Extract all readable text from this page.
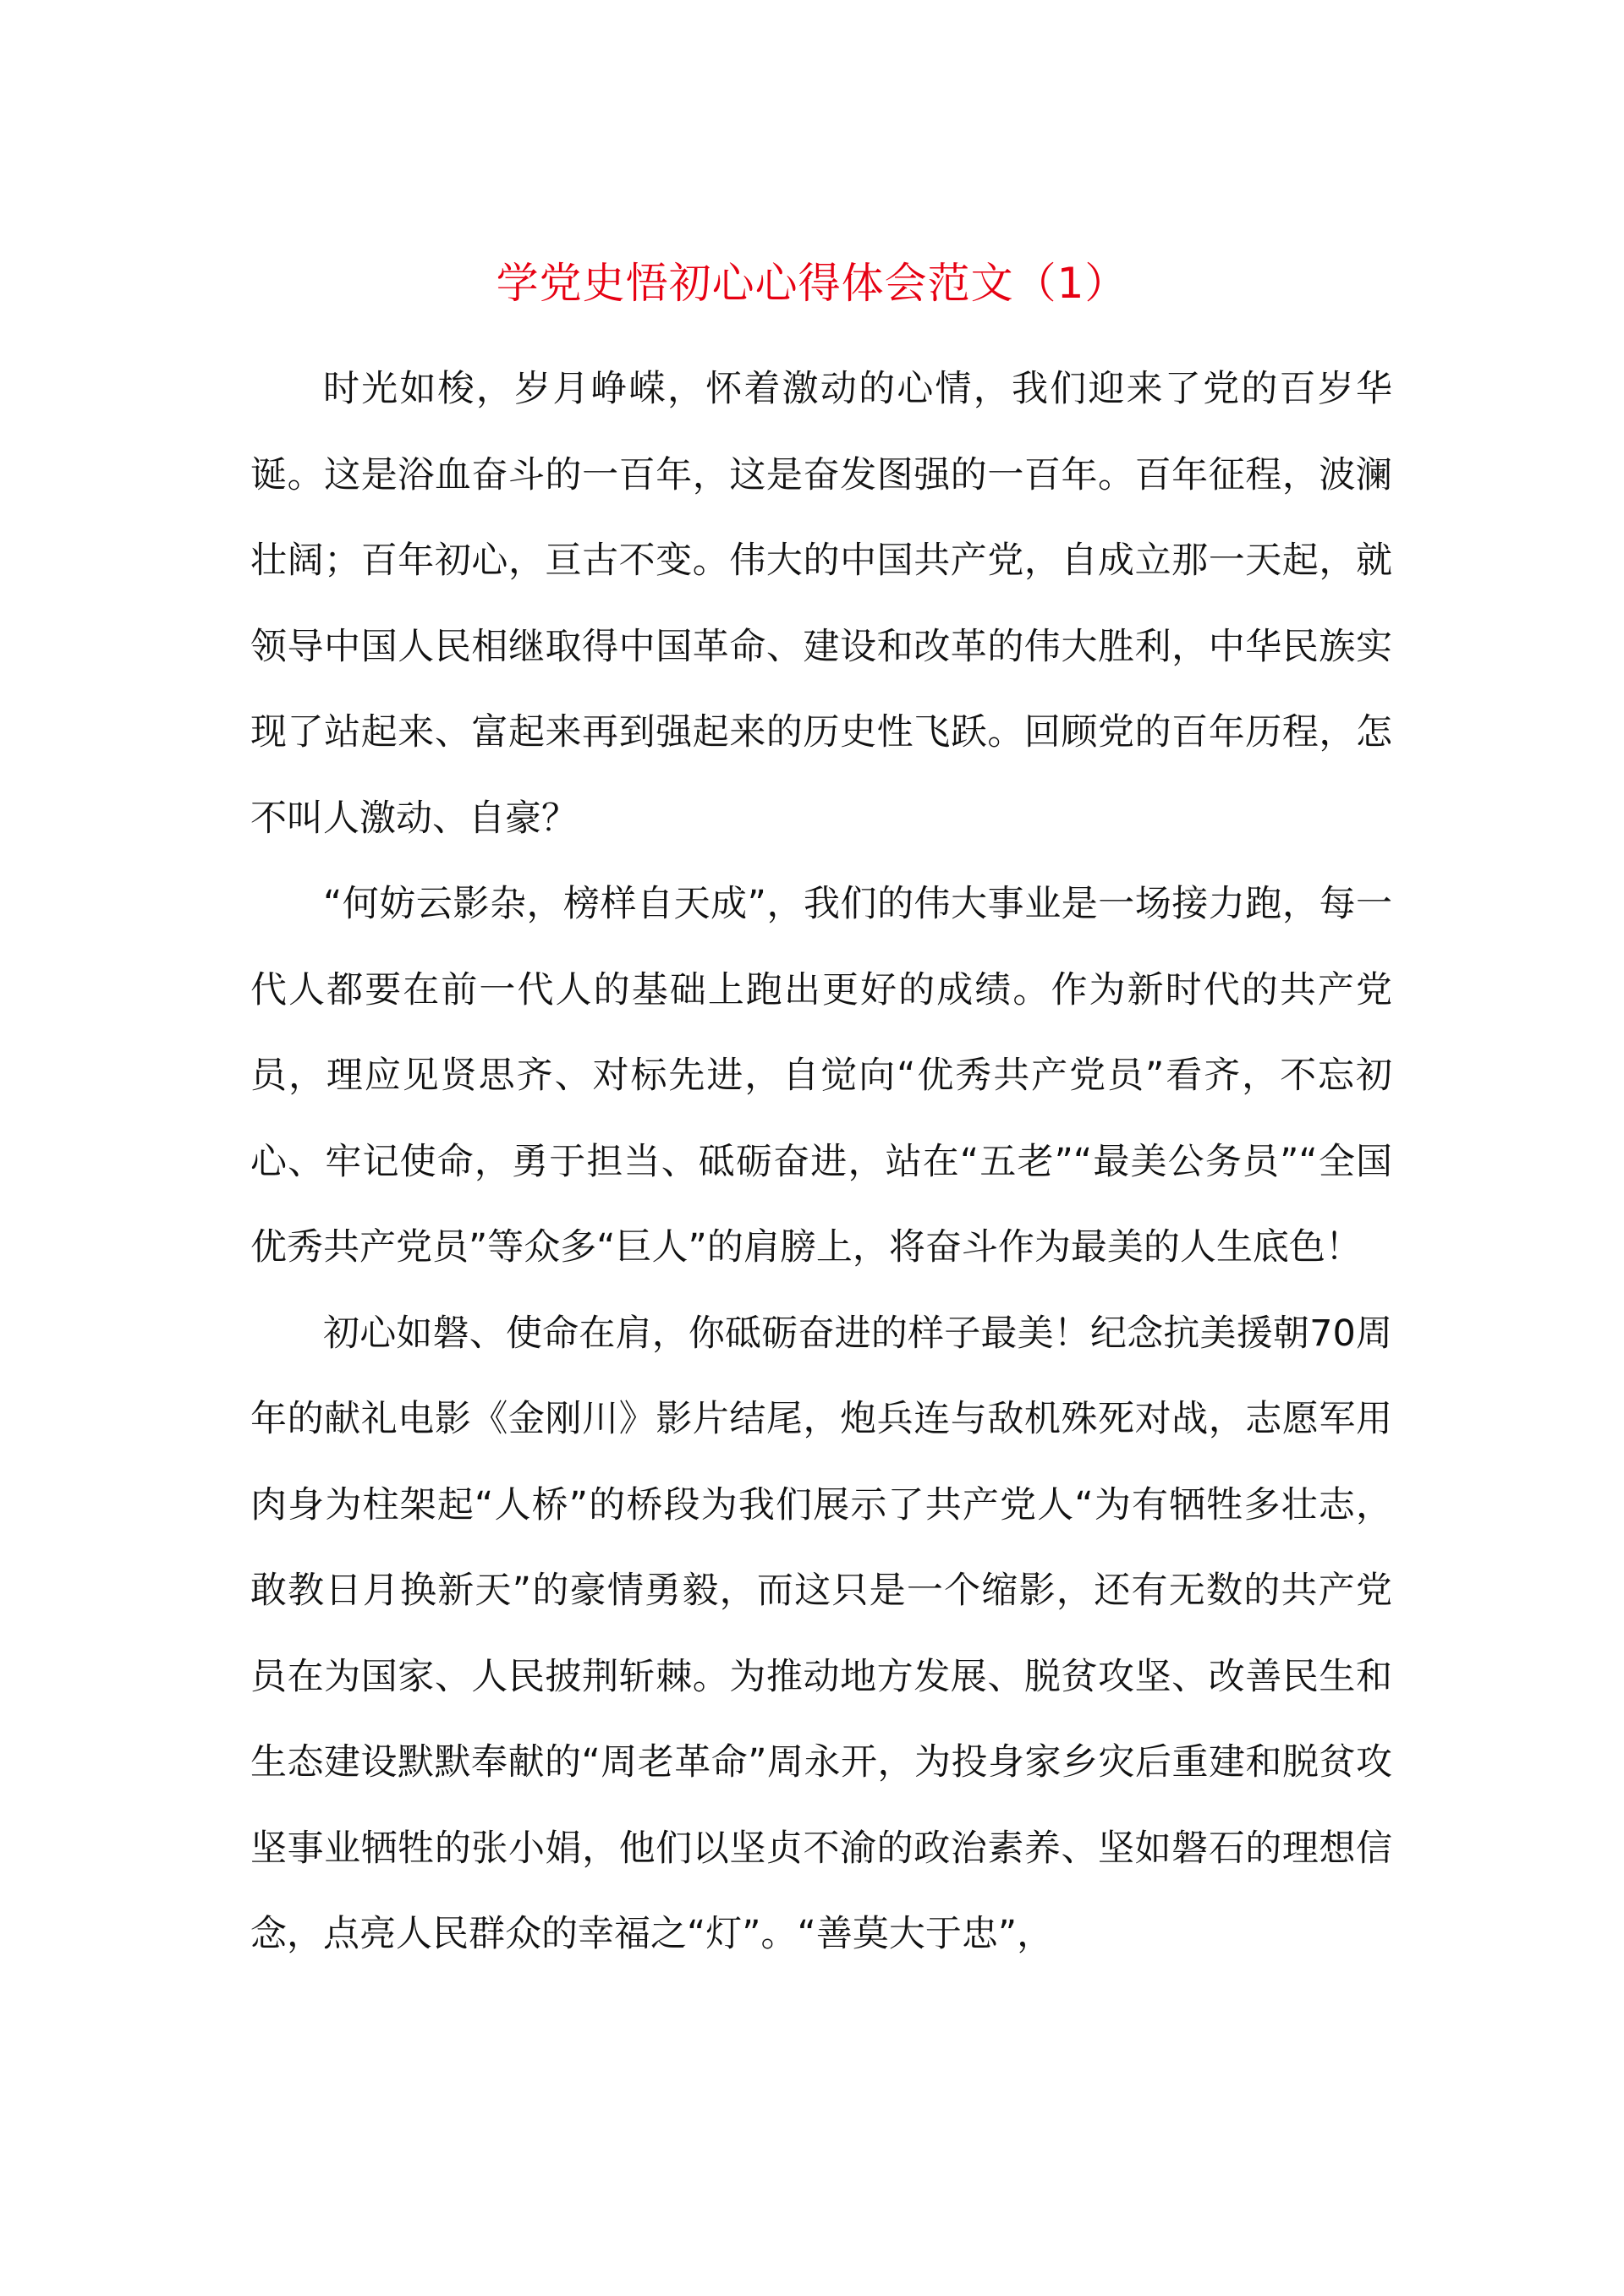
学党史悟初心心得体会范文（1）

时光如梭，岁月峥嵘，怀着激动的心情，我们迎来了党的百岁华诞。这是浴血奋斗的一百年，这是奋发图强的一百年。百年征程，波澜壮阔；百年初心，亘古不变。伟大的中国共产党，自成立那一天起，就领导中国人民相继取得中国革命、建设和改革的伟大胜利，中华民族实现了站起来、富起来再到强起来的历史性飞跃。回顾党的百年历程，怎不叫人激动、自豪？

“何妨云影杂，榜样自天成”，我们的伟大事业是一场接力跑，每一代人都要在前一代人的基础上跑出更好的成绩。作为新时代的共产党员，理应见贤思齐、对标先进，自觉向“优秀共产党员”看齐，不忘初心、牢记使命，勇于担当、砥砺奋进，站在“五老”“最美公务员”“全国优秀共产党员”等众多“巨人”的肩膀上，将奋斗作为最美的人生底色！

初心如磐、使命在肩，你砥砺奋进的样子最美！纪念抗美援朝70周年的献礼电影《金刚川》影片结尾，炮兵连与敌机殊死对战，志愿军用肉身为柱架起“人桥”的桥段为我们展示了共产党人“为有牺牲多壮志，敢教日月换新天”的豪情勇毅，而这只是一个缩影，还有无数的共产党员在为国家、人民披荆斩棘。为推动地方发展、脱贫攻坚、改善民生和生态建设默默奉献的“周老革命”周永开，为投身家乡灾后重建和脱贫攻坚事业牺牲的张小娟，他们以坚贞不渝的政治素养、坚如磐石的理想信念，点亮人民群众的幸福之“灯”。“善莫大于忠”，
